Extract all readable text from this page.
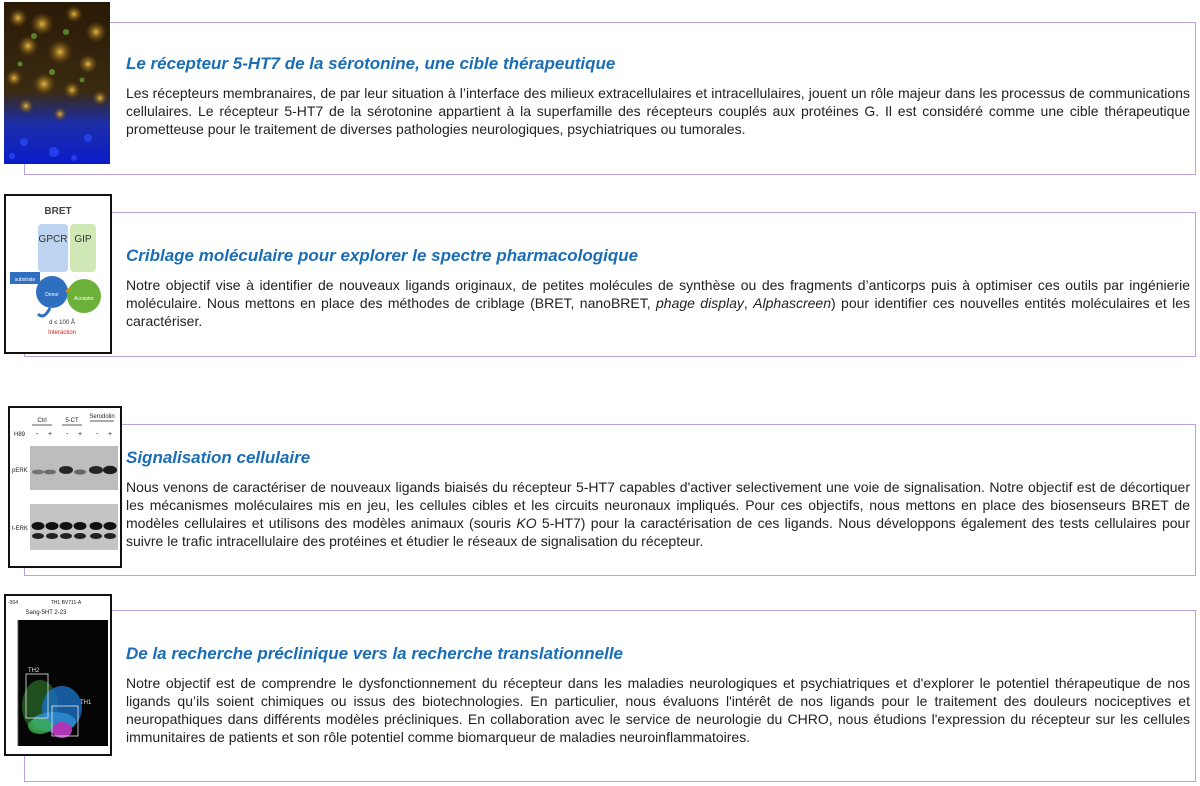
Le récepteur 5-HT7 de la sérotonine, une cible thérapeutique
Les récepteurs membranaires, de par leur situation à l’interface des milieux extracellulaires et intracellulaires, jouent un rôle majeur dans les processus de communications cellulaires. Le récepteur 5-HT7 de la sérotonine appartient à la superfamille des récepteurs couplés aux protéines G. Il est considéré comme une cible thérapeutique prometteuse pour le traitement de diverses pathologies neurologiques, psychiatriques ou tumorales.
BRET
GPCR GIP
substrate
Donor
Acceptor
d ≤ 100 Å
Interaction
Criblage moléculaire pour explorer le spectre pharmacologique
Notre objectif vise à identifier de nouveaux ligands originaux, de petites molécules de synthèse ou des fragments d’anticorps puis à optimiser ces outils par ingénierie moléculaire. Nous mettons en place des méthodes de criblage (BRET, nanoBRET, phage display, Alphascreen) pour identifier ces nouvelles entités moléculaires et les caractériser.
Ctrl	5-CT
Serodolin
H89 - + - + - +
pERK
t-ERK
Signalisation cellulaire
Nous venons de caractériser de nouveaux ligands biaisés du récepteur 5-HT7 capables d'activer selectivement une voie de signalisation. Notre objectif est de décortiquer les mécanismes moléculaires mis en jeu, les cellules cibles et les circuits neuronaux impliqués. Pour ces objectifs, nous mettons en place des biosenseurs BRET de modèles cellulaires et utilisons des modèles animaux (souris KO 5-HT7) pour la caractérisation de ces ligands. Nous développons également des tests cellulaires pour suivre le trafic intracellulaire des protéines et étudier le réseaux de signalisation du récepteur.
-304	TH1 BV711-A
Sang-5HT 2-23
TH2
TH1
De la recherche préclinique vers la recherche translationnelle
Notre objectif est de comprendre le dysfonctionnement du récepteur dans les maladies neurologiques et psychiatriques et d'explorer le potentiel thérapeutique de nos ligands qu’ils soient chimiques ou issus des biotechnologies. En particulier, nous évaluons l'intérêt de nos ligands pour le traitement des douleurs nociceptives et neuropathiques dans différents modèles précliniques. En collaboration avec le service de neurologie du CHRO, nous étudions l'expression du récepteur sur les cellules immunitaires de patients et son rôle potentiel comme biomarqueur de maladies neuroinflammatoires.
